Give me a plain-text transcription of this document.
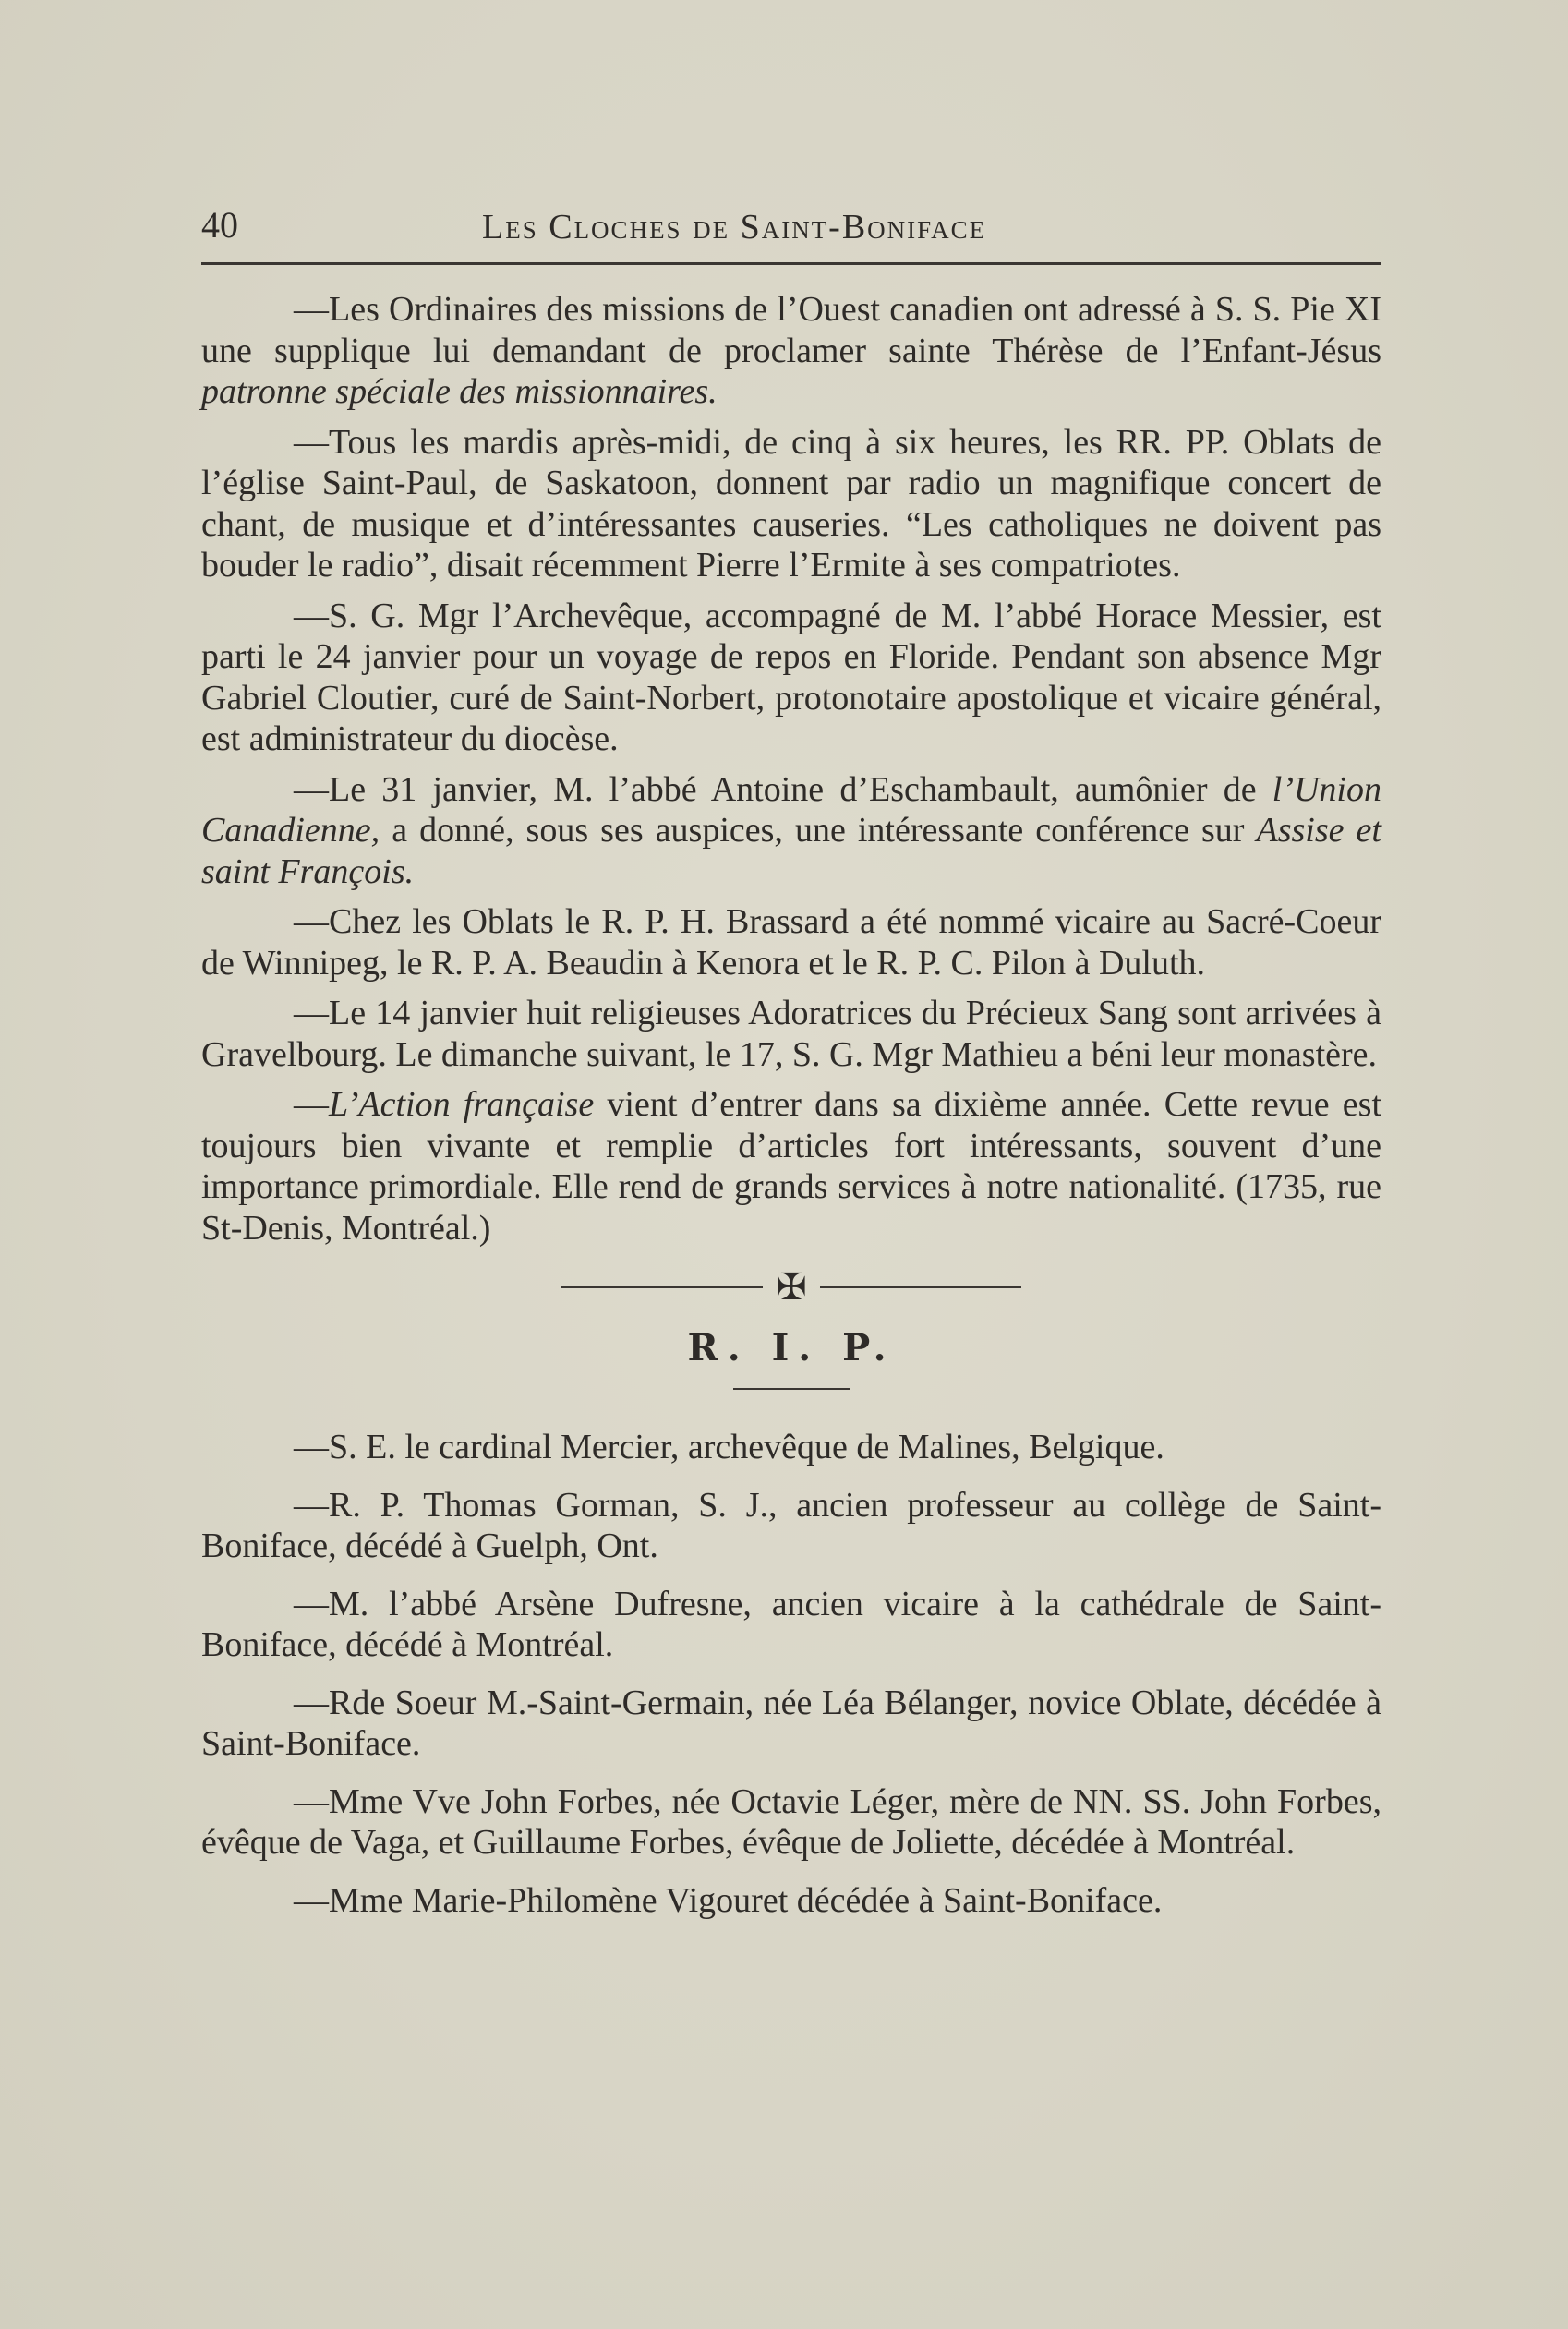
40	Les Cloches de Saint-Boniface

—Les Ordinaires des missions de l’Ouest canadien ont adressé à S. S. Pie XI une supplique lui demandant de proclamer sainte Thérèse de l’Enfant-Jésus patronne spéciale des missionnaires.

—Tous les mardis après-midi, de cinq à six heures, les RR. PP. Oblats de l’église Saint-Paul, de Saskatoon, donnent par radio un magnifique concert de chant, de musique et d’intéressantes causeries. “Les catholiques ne doivent pas bouder le radio”, disait récemment Pierre l’Ermite à ses compatriotes.

—S. G. Mgr l’Archevêque, accompagné de M. l’abbé Horace Messier, est parti le 24 janvier pour un voyage de repos en Floride. Pendant son absence Mgr Gabriel Cloutier, curé de Saint-Norbert, protonotaire apostolique et vicaire général, est administrateur du diocèse.

—Le 31 janvier, M. l’abbé Antoine d’Eschambault, aumônier de l’Union Canadienne, a donné, sous ses auspices, une intéressante conférence sur Assise et saint François.

—Chez les Oblats le R. P. H. Brassard a été nommé vicaire au Sacré-Coeur de Winnipeg, le R. P. A. Beaudin à Kenora et le R. P. C. Pilon à Duluth.

—Le 14 janvier huit religieuses Adoratrices du Précieux Sang sont arrivées à Gravelbourg. Le dimanche suivant, le 17, S. G. Mgr Mathieu a béni leur monastère.

—L’Action française vient d’entrer dans sa dixième année. Cette revue est toujours bien vivante et remplie d’articles fort intéressants, souvent d’une importance primordiale. Elle rend de grands services à notre nationalité. (1735, rue St-Denis, Montréal.)

✠
R. I. P.

—S. E. le cardinal Mercier, archevêque de Malines, Belgique.

—R. P. Thomas Gorman, S. J., ancien professeur au collège de Saint-Boniface, décédé à Guelph, Ont.

—M. l’abbé Arsène Dufresne, ancien vicaire à la cathédrale de Saint-Boniface, décédé à Montréal.

—Rde Soeur M.-Saint-Germain, née Léa Bélanger, novice Oblate, décédée à Saint-Boniface.

—Mme Vve John Forbes, née Octavie Léger, mère de NN. SS. John Forbes, évêque de Vaga, et Guillaume Forbes, évêque de Joliette, décédée à Montréal.

—Mme Marie-Philomène Vigouret décédée à Saint-Boniface.
